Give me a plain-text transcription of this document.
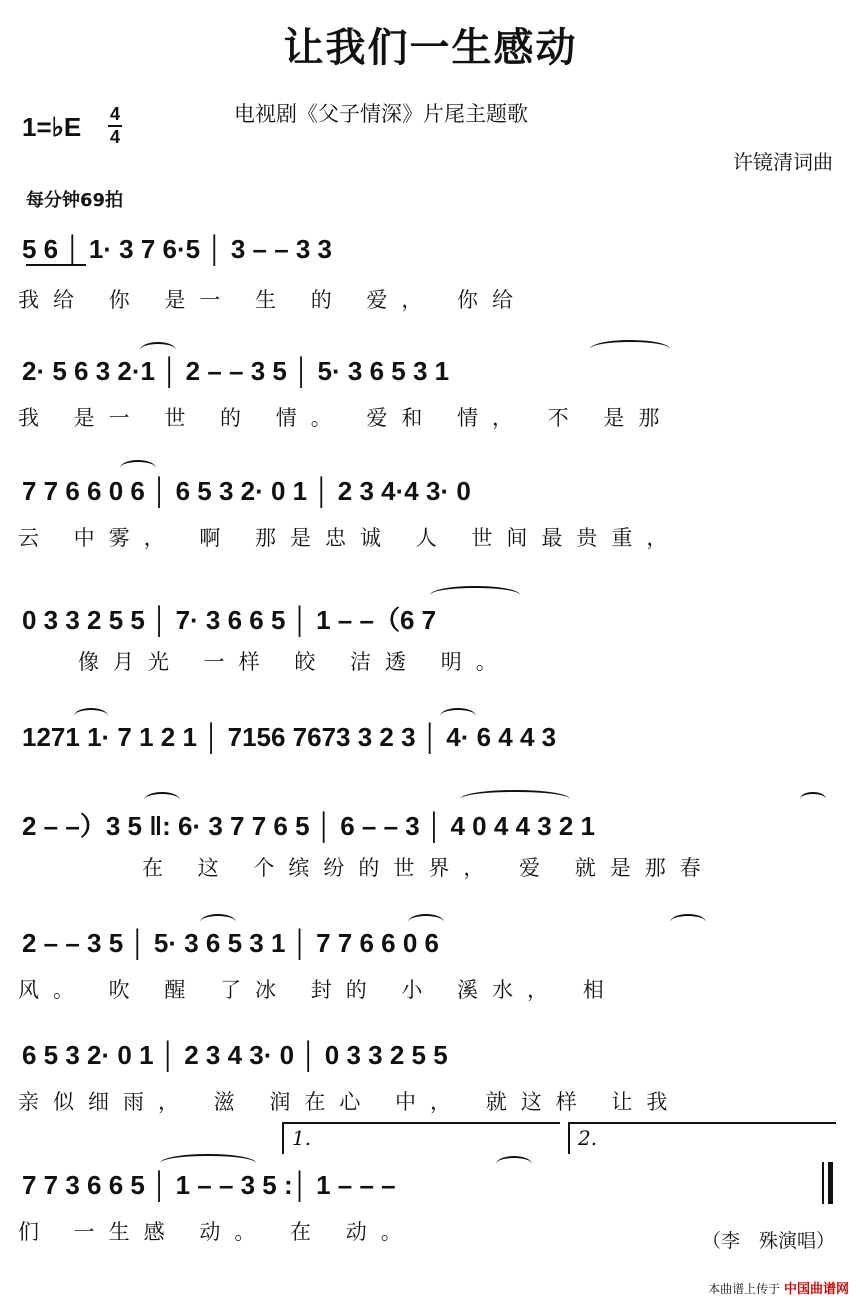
让我们一生感动
1=♭E 4
4
电视剧《父子情深》片尾主题歌
许镜清词曲
每分钟69拍
5 6 │ 1· 3 7 6·5 │ 3 – – 3 3
我给 你 是一 生 的 爱， 你给
2· 5 6 3 2·1 │ 2 – – 3 5 │ 5· 3 6 5 3 1
我 是一 世 的 情。 爱和 情， 不 是那
7 7 6 6 0 6 │ 6 5 3 2· 0 1 │ 2 3 4·4 3· 0
云 中雾， 啊 那是忠诚 人 世间最贵重，
0 3 3 2 5 5 │ 7· 3 6 6 5 │ 1 – –（6 7
像月光 一样 皎 洁透 明。
1271 1· 7 1 2 1 │ 7156 7673 3 2 3 │ 4· 6 4 4 3
2 – –）3 5 ‖: 6· 3 7 7 6 5 │ 6 – – 3 │ 4 0 4 4 3 2 1
在 这 个缤纷的世界， 爱 就是那春
2 – – 3 5 │ 5· 3 6 5 3 1 │ 7 7 6 6 0 6
风。 吹 醒 了冰 封的 小 溪水， 相
6 5 3 2· 0 1 │ 2 3 4 3· 0 │ 0 3 3 2 5 5
亲似细雨， 滋 润在心 中， 就这样 让我
1.	2.
7 7 3 6 6 5 │ 1 – – 3 5 :│ 1 – – –
们 一生感 动。 在 动。	（李　殊演唱）
本曲谱上传于 中国曲谱网
